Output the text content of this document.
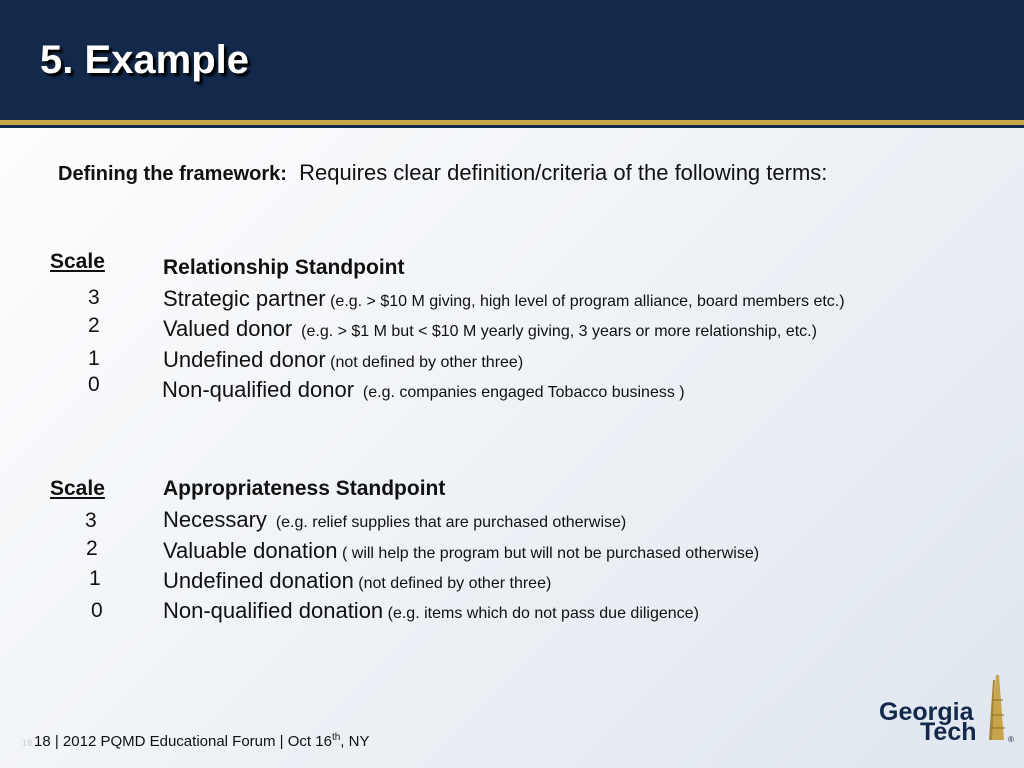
5. Example
Defining the framework: Requires clear definition/criteria of the following terms:
Scale	Relationship Standpoint
3	Strategic partner (e.g. > $10 M giving, high level of program alliance, board members etc.)
2	Valued donor (e.g. > $1 M but < $10 M yearly giving, 3 years or more relationship, etc.)
1	Undefined donor (not defined by other three)
0	Non-qualified donor (e.g. companies engaged Tobacco business )
Scale	Appropriateness Standpoint
3	Necessary (e.g. relief supplies that are purchased otherwise)
2	Valuable donation ( will help the program but will not be purchased otherwise)
1	Undefined donation (not defined by other three)
0	Non-qualified donation (e.g. items which do not pass due diligence)
18 18 | 2012 PQMD Educational Forum | Oct 16th, NY
Georgia
Tech	®
